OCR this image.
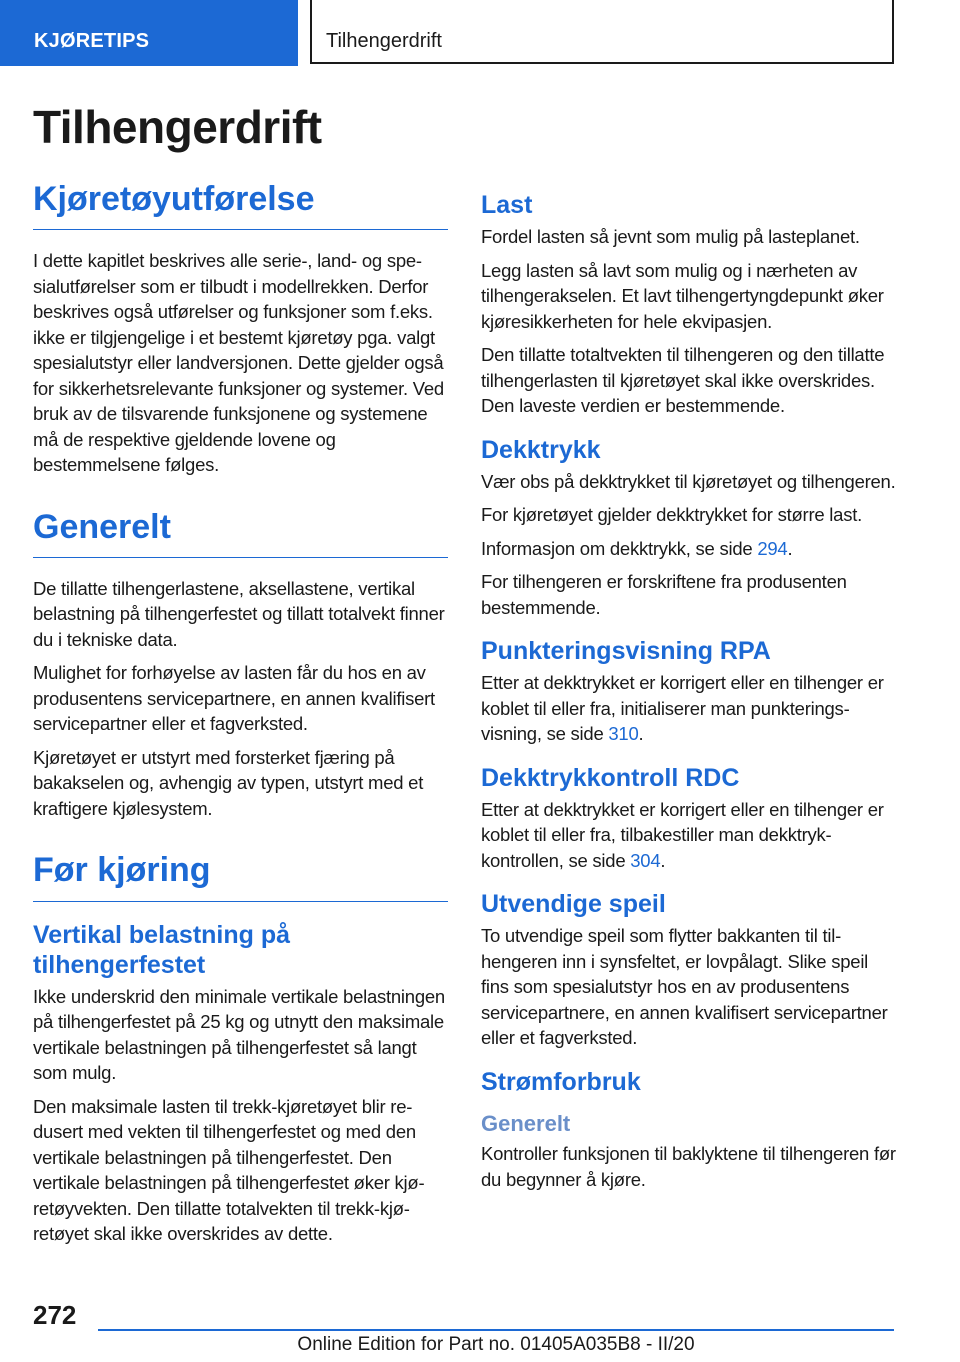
KJØRETIPS	Tilhengerdrift
Tilhengerdrift
Kjøretøyutførelse

I dette kapitlet beskrives alle serie-, land- og spesialutførelser som er tilbudt i modellrekken. Derfor beskrives også utførelser og funksjoner som f.eks. ikke er tilgjengelige i et bestemt kjøretøy pga. valgt spesialutstyr eller landversjonen. Dette gjelder også for sikkerhetsrelevante funksjoner og systemer. Ved bruk av de tilsvarende funksjonene og systemene må de respektive gjeldende lovene og bestemmelsene følges.

Generelt

De tillatte tilhengerlastene, aksellastene, vertikal belastning på tilhengerfestet og tillatt totalvekt finner du i tekniske data.

Mulighet for forhøyelse av lasten får du hos en av produsentens servicepartnere, en annen kvalifisert servicepartner eller et fagverksted.

Kjøretøyet er utstyrt med forsterket fjæring på bakakselen og, avhengig av typen, utstyrt med et kraftigere kjølesystem.

Før kjøring
Vertikal belastning på tilhengerfestet

Ikke underskrid den minimale vertikale belastningen på tilhengerfestet på 25 kg og utnytt den maksimale vertikale belastningen på tilhengerfestet så langt som mulg.

Den maksimale lasten til trekk-kjøretøyet blir redusert med vekten til tilhengerfestet og med den vertikale belastningen på tilhengerfestet. Den vertikale belastningen på tilhengerfestet øker kjøretøyvekten. Den tillatte totalvekten til trekk-kjøretøyet skal ikke overskrides av dette.

Last

Fordel lasten så jevnt som mulig på lasteplanet.

Legg lasten så lavt som mulig og i nærheten av tilhengerakselen. Et lavt tilhengertyngdepunkt øker kjøresikkerheten for hele ekvipasjen.

Den tillatte totaltvekten til tilhengeren og den tillatte tilhengerlasten til kjøretøyet skal ikke overskrides. Den laveste verdien er bestemmende.

Dekktrykk

Vær obs på dekktrykket til kjøretøyet og tilhengeren.

For kjøretøyet gjelder dekktrykket for større last.

Informasjon om dekktrykk, se side 294.

For tilhengeren er forskriftene fra produsenten bestemmende.

Punkteringsvisning RPA

Etter at dekktrykket er korrigert eller en tilhenger er koblet til eller fra, initialiserer man punkteringsvisning, se side 310.

Dekktrykkontroll RDC

Etter at dekktrykket er korrigert eller en tilhenger er koblet til eller fra, tilbakestiller man dekktrykkontrollen, se side 304.

Utvendige speil

To utvendige speil som flytter bakkanten til tilhengeren inn i synsfeltet, er lovpålagt. Slike speil fins som spesialutstyr hos en av produsentens servicepartnere, en annen kvalifisert servicepartner eller et fagverksted.

Strømforbruk
Generelt

Kontroller funksjonen til baklyktene til tilhengeren før du begynner å kjøre.

272
Online Edition for Part no. 01405A035B8 - II/20
